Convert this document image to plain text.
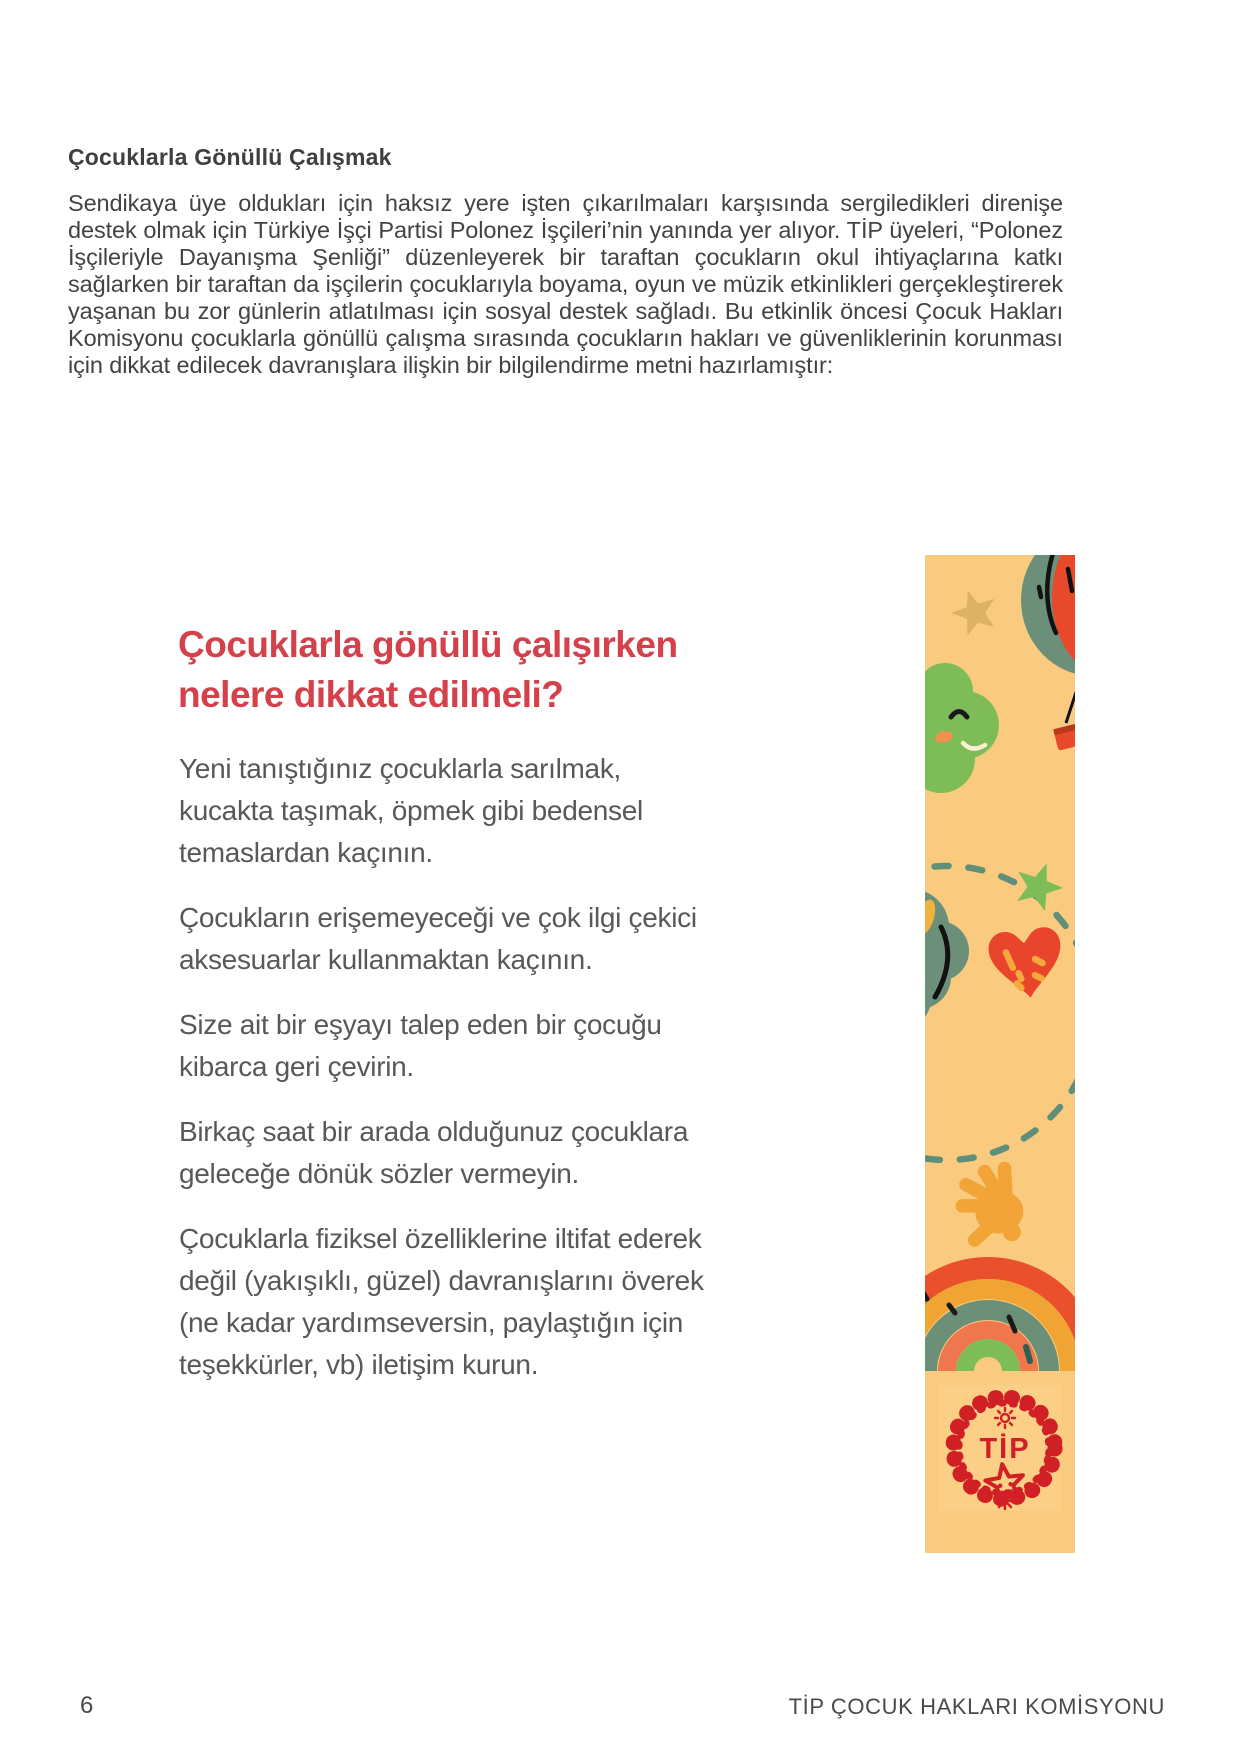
Çocuklarla Gönüllü Çalışmak
Sendikaya üye oldukları için haksız yere işten çıkarılmaları karşısında sergiledikleri direnişe destek olmak için Türkiye İşçi Partisi Polonez İşçileri’nin yanında yer alıyor. TİP üyeleri, “Polonez İşçileriyle Dayanışma Şenliği” düzenleyerek bir taraftan çocukların okul ihtiyaçlarına katkı sağlarken bir taraftan da işçilerin çocuklarıyla boyama, oyun ve müzik etkinlikleri gerçekleştirerek yaşanan bu zor günlerin atlatılması için sosyal destek sağladı. Bu etkinlik öncesi Çocuk Hakları Komisyonu çocuklarla gönüllü çalışma sırasında çocukların hakları ve güvenliklerinin korunması için dikkat edilecek davranışlara ilişkin bir bilgilendirme metni hazırlamıştır:
Çocuklarla gönüllü çalışırken
nelere dikkat edilmeli?

Yeni tanıştığınız çocuklarla sarılmak, kucakta taşımak, öpmek gibi bedensel temaslardan kaçının.

Çocukların erişemeyeceği ve çok ilgi çekici aksesuarlar kullanmaktan kaçının.

Size ait bir eşyayı talep eden bir çocuğu kibarca geri çevirin.

Birkaç saat bir arada olduğunuz çocuklara geleceğe dönük sözler vermeyin.

Çocuklarla fiziksel özelliklerine iltifat ederek değil (yakışıklı, güzel) davranışlarını överek (ne kadar yardımseversin, paylaştığın için teşekkürler, vb) iletişim kurun.

TİP
6	TİP ÇOCUK HAKLARI KOMİSYONU
